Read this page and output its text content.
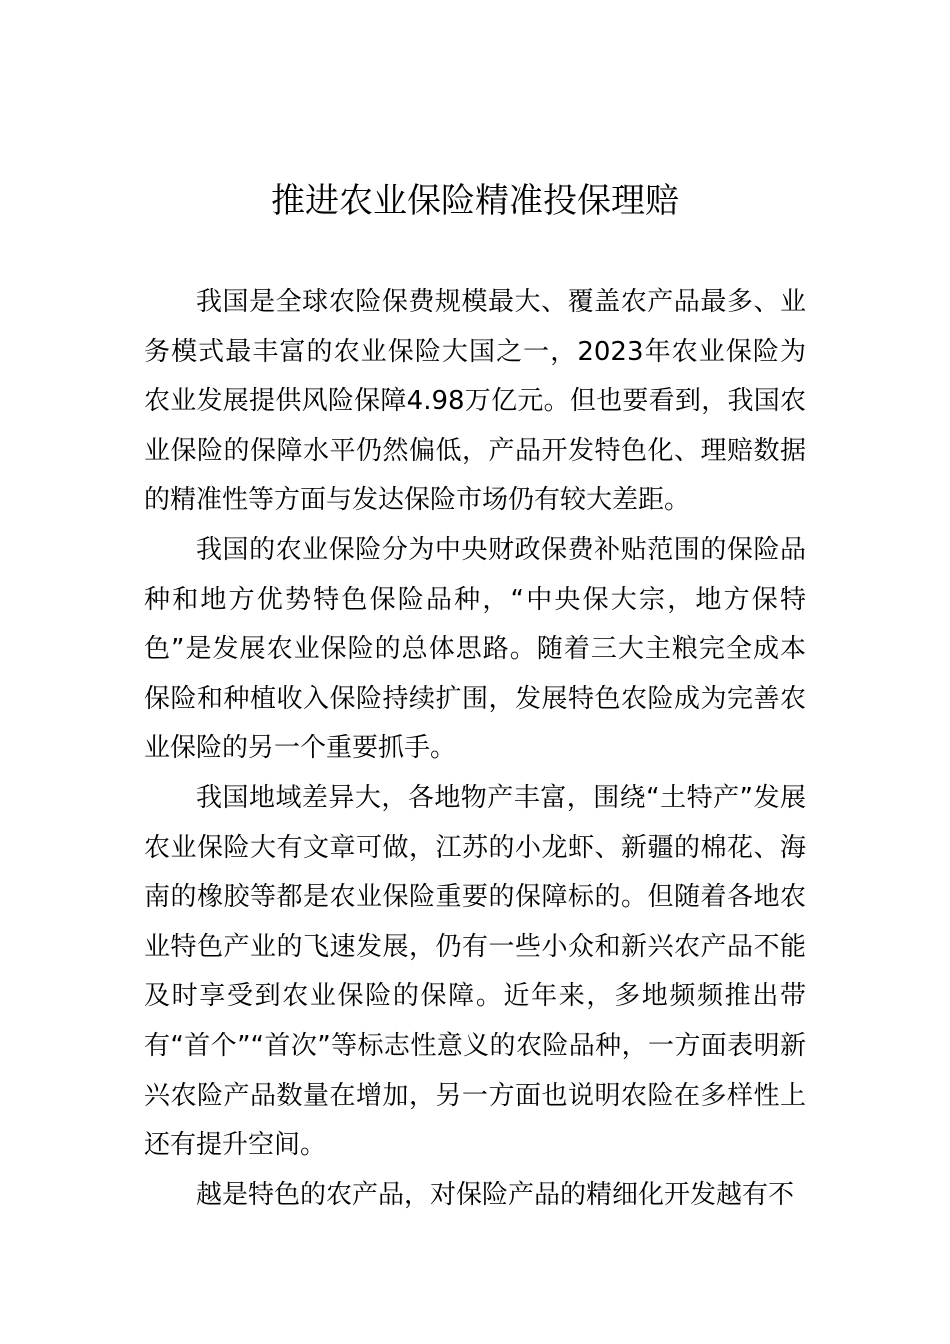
推进农业保险精准投保理赔

我国是全球农险保费规模最大、覆盖农产品最多、业务模式最丰富的农业保险大国之一，2023年农业保险为农业发展提供风险保障4.98万亿元。但也要看到，我国农业保险的保障水平仍然偏低，产品开发特色化、理赔数据的精准性等方面与发达保险市场仍有较大差距。

我国的农业保险分为中央财政保费补贴范围的保险品种和地方优势特色保险品种，“中央保大宗，地方保特色”是发展农业保险的总体思路。随着三大主粮完全成本保险和种植收入保险持续扩围，发展特色农险成为完善农业保险的另一个重要抓手。

我国地域差异大，各地物产丰富，围绕“土特产”发展农业保险大有文章可做，江苏的小龙虾、新疆的棉花、海南的橡胶等都是农业保险重要的保障标的。但随着各地农业特色产业的飞速发展，仍有一些小众和新兴农产品不能及时享受到农业保险的保障。近年来，多地频频推出带有“首个”“首次”等标志性意义的农险品种，一方面表明新兴农险产品数量在增加，另一方面也说明农险在多样性上还有提升空间。

越是特色的农产品，对保险产品的精细化开发越有不
